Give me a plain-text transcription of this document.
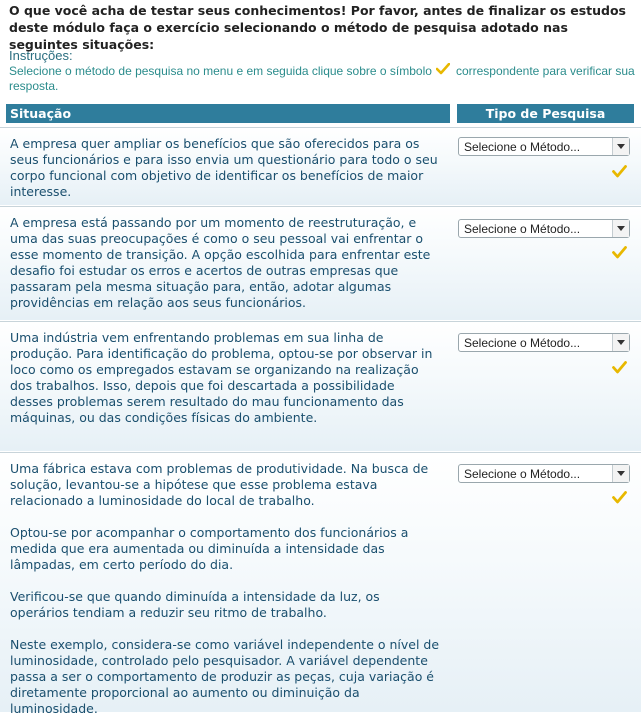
O que você acha de testar seus conhecimentos! Por favor, antes de finalizar os estudos deste módulo faça o exercício selecionando o método de pesquisa adotado nas seguintes situações:
Instruções:
Selecione o método de pesquisa no menu e em seguida clique sobre o símbolo correspondente para verificar sua resposta.
Situação	Tipo de Pesquisa

A empresa quer ampliar os benefícios que são oferecidos para os seus funcionários e para isso envia um questionário para todo o seu corpo funcional com objetivo de identificar os benefícios de maior interesse.

Selecione o Método...

A empresa está passando por um momento de reestruturação, e uma das suas preocupações é como o seu pessoal vai enfrentar o esse momento de transição. A opção escolhida para enfrentar este desafio foi estudar os erros e acertos de outras empresas que passaram pela mesma situação para, então, adotar algumas providências em relação aos seus funcionários.

Selecione o Método...

Uma indústria vem enfrentando problemas em sua linha de produção. Para identificação do problema, optou-se por observar in loco como os empregados estavam se organizando na realização dos trabalhos. Isso, depois que foi descartada a possibilidade desses problemas serem resultado do mau funcionamento das máquinas, ou das condições físicas do ambiente.

Selecione o Método...

Uma fábrica estava com problemas de produtividade. Na busca de solução, levantou-se a hipótese que esse problema estava relacionado a luminosidade do local de trabalho.

Optou-se por acompanhar o comportamento dos funcionários a medida que era aumentada ou diminuída a intensidade das lâmpadas, em certo período do dia.

Verificou-se que quando diminuída a intensidade da luz, os operários tendiam a reduzir seu ritmo de trabalho.

Neste exemplo, considera-se como variável independente o nível de luminosidade, controlado pelo pesquisador. A variável dependente passa a ser o comportamento de produzir as peças, cuja variação é diretamente proporcional ao aumento ou diminuição da luminosidade.

Selecione o Método...
